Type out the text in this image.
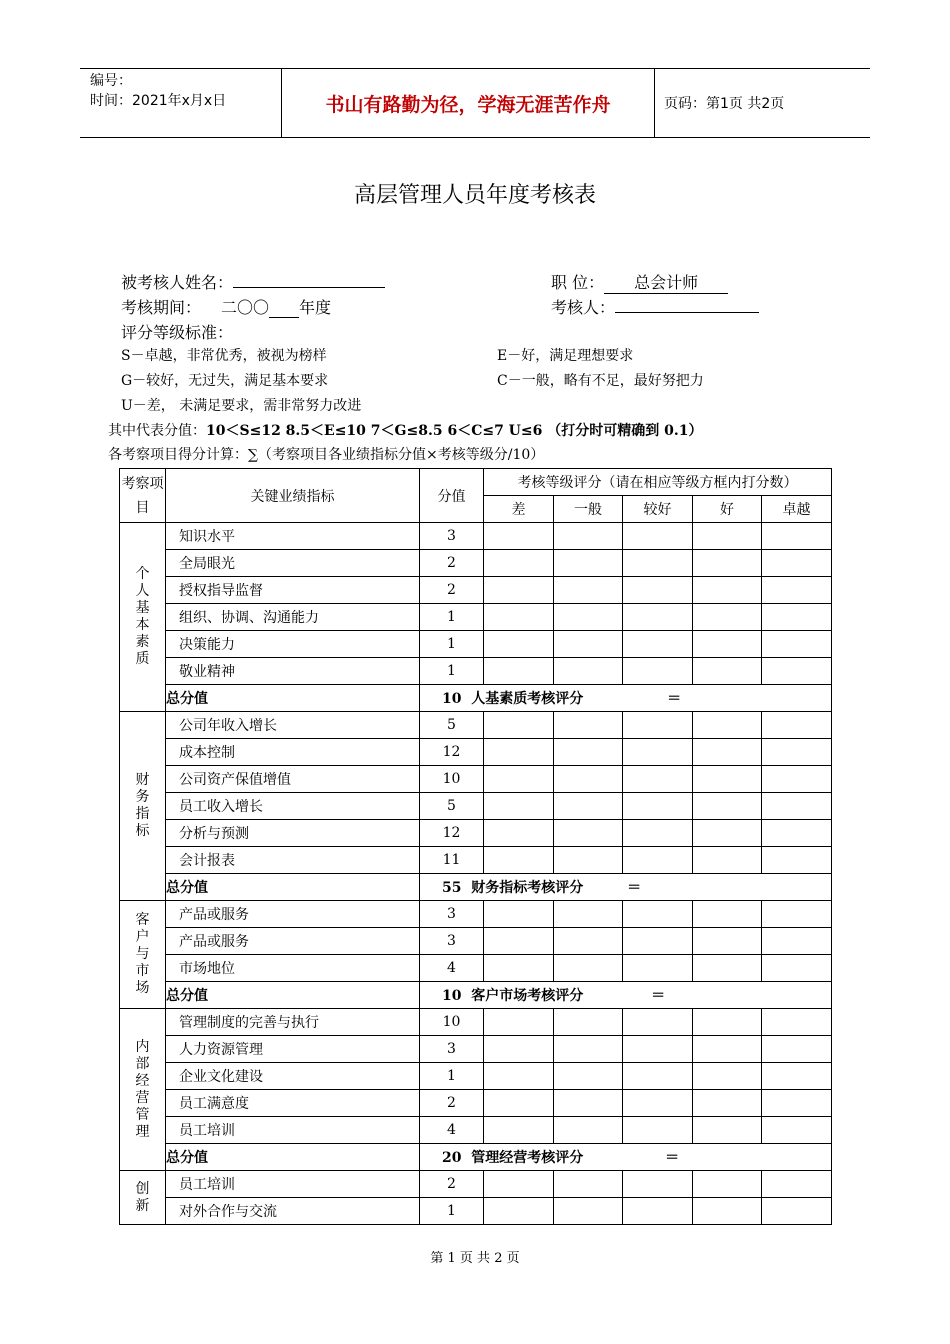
编号：
时间：2021年x月x日	书山有路勤为径，学海无涯苦作舟	页码：第1页 共2页
高层管理人员年度考核表
被考核人姓名：	职 位： 总会计师
考核期间： 二〇〇 年度	考核人：
评分等级标准：
S－卓越，非常优秀，被视为榜样	E－好，满足理想要求
G－较好，无过失，满足基本要求	C－一般，略有不足，最好努把力
U－差， 未满足要求，需非常努力改进
其中代表分值：10＜S≤12 8.5＜E≤10 7＜G≤8.5 6＜C≤7 U≤6 （打分时可精确到 0.1）
各考察项目得分计算：∑（考察项目各业绩指标分值×考核等级分/10）
考察项目	关键业绩指标	分值	考核等级评分（请在相应等级方框内打分数）				
			差	一般	较好	好	卓越
个人基本素质	知识水平	3					
	全局眼光	2					
	授权指导监督	2					
	组织、协调、沟通能力	1					
	决策能力	1					
	敬业精神	1					
	总分值	10 人基素质考核评分 ＝					

财务指标	公司年收入增长	5					
	成本控制	12					
	公司资产保值增值	10					
	员工收入增长	5					
	分析与预测	12					
	会计报表	11					
	总分值	55 财务指标考核评分 ＝					

客户与市场	产品或服务	3					
	产品或服务	3					
	市场地位	4					
	总分值	10 客户市场考核评分 ＝					

内部经营管理	管理制度的完善与执行	10					
	人力资源管理	3					
	企业文化建设	1					
	员工满意度	2					
	员工培训	4					
	总分值	20 管理经营考核评分 ＝					

创新	员工培训	2					
	对外合作与交流	1					
第 1 页 共 2 页
